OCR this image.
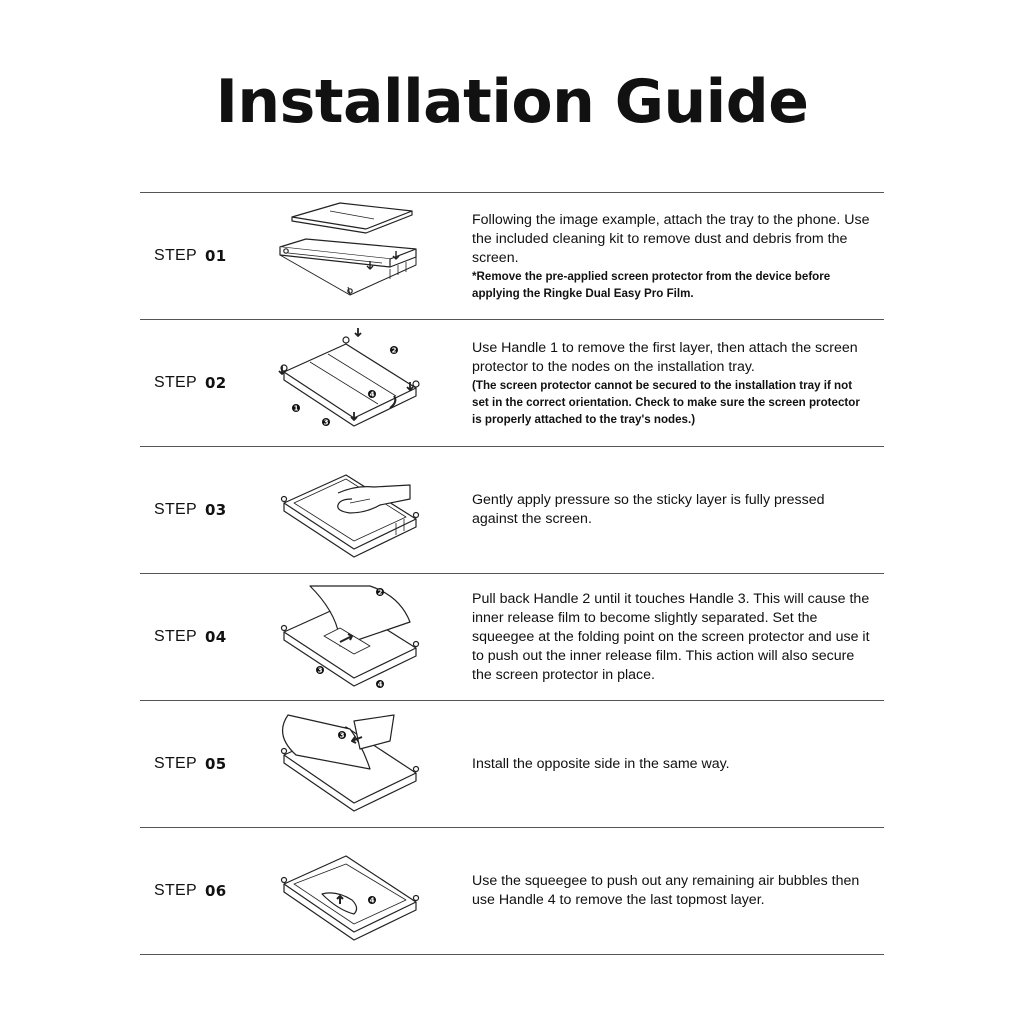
Installation Guide
STEP 01
Following the image example, attach the tray to the phone. Use the included cleaning kit to remove dust and debris from the screen.
*Remove the pre-applied screen protector from the device before applying the Ringke Dual Easy Pro Film.
STEP 02
2
4
1
3
Use Handle 1 to remove the first layer, then attach the screen protector to the nodes on the installation tray.
(The screen protector cannot be secured to the installation tray if not set in the correct orientation. Check to make sure the screen protector is properly attached to the tray's nodes.)
STEP 03
Gently apply pressure so the sticky layer is fully pressed against the screen.
STEP 04
2
3
4
Pull back Handle 2 until it touches Handle 3. This will cause the inner release film to become slightly separated. Set the squeegee at the folding point on the screen protector and use it to push out the inner release film. This action will also secure the screen protector in place.
STEP 05
3
Install the opposite side in the same way.
STEP 06
4
Use the squeegee to push out any remaining air bubbles then use Handle 4 to remove the last topmost layer.
